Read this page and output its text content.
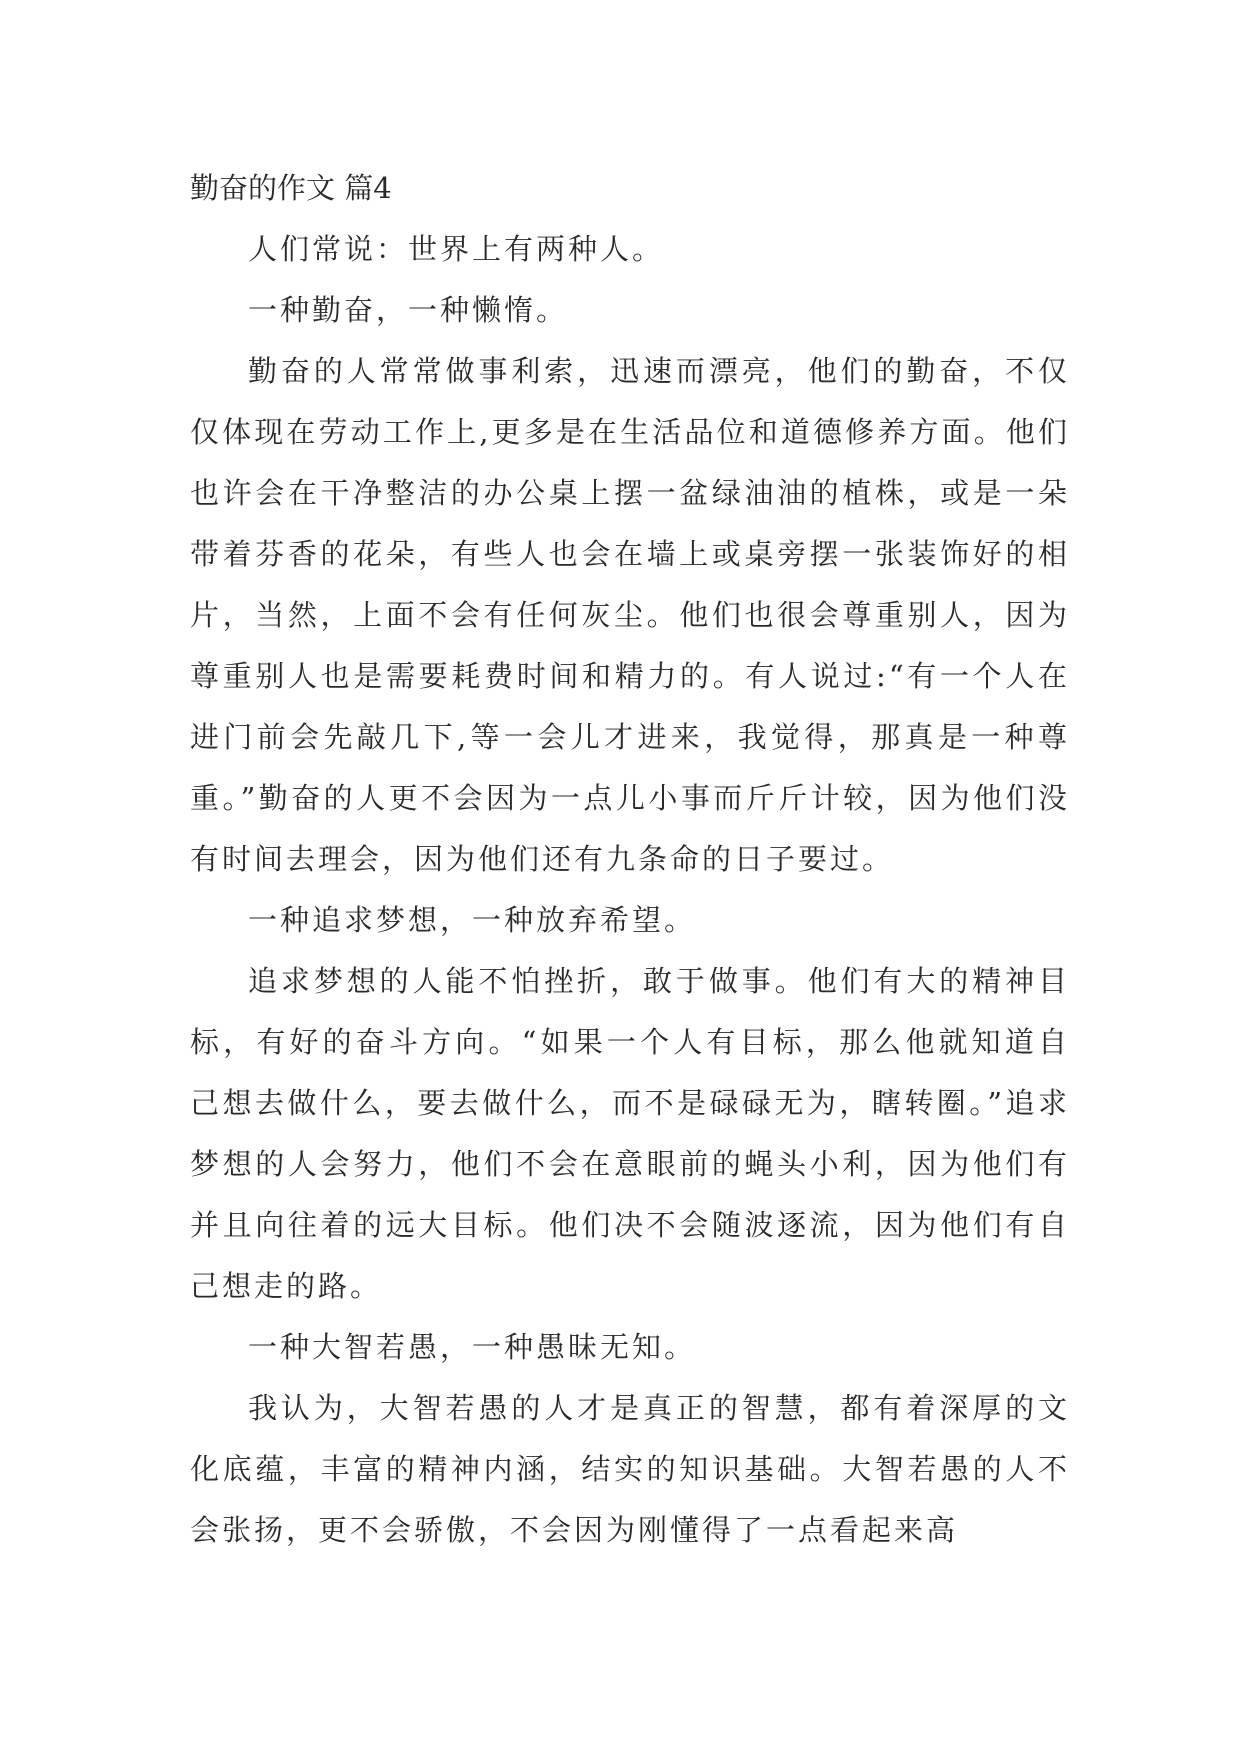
勤奋的作文 篇4

人们常说：世界上有两种人。

一种勤奋，一种懒惰。

勤奋的人常常做事利索，迅速而漂亮，他们的勤奋，不仅仅体现在劳动工作上,更多是在生活品位和道德修养方面。他们也许会在干净整洁的办公桌上摆一盆绿油油的植株，或是一朵带着芬香的花朵，有些人也会在墙上或桌旁摆一张装饰好的相片，当然，上面不会有任何灰尘。他们也很会尊重别人，因为尊重别人也是需要耗费时间和精力的。有人说过:“有一个人在进门前会先敲几下,等一会儿才进来，我觉得，那真是一种尊重。”勤奋的人更不会因为一点儿小事而斤斤计较，因为他们没有时间去理会，因为他们还有九条命的日子要过。

一种追求梦想，一种放弃希望。

追求梦想的人能不怕挫折，敢于做事。他们有大的精神目标，有好的奋斗方向。“如果一个人有目标，那么他就知道自己想去做什么，要去做什么，而不是碌碌无为，瞎转圈。”追求梦想的人会努力，他们不会在意眼前的蝇头小利，因为他们有并且向往着的远大目标。他们决不会随波逐流，因为他们有自己想走的路。

一种大智若愚，一种愚昧无知。

我认为，大智若愚的人才是真正的智慧，都有着深厚的文化底蕴，丰富的精神内涵，结实的知识基础。大智若愚的人不会张扬，更不会骄傲，不会因为刚懂得了一点看起来高
